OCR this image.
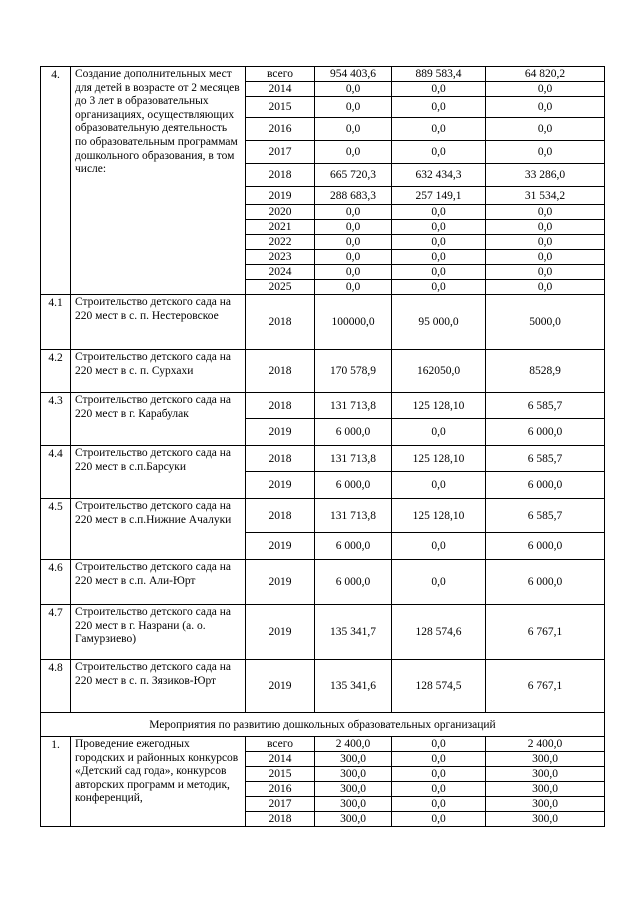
4.	Создание дополнительных мест для детей в возрасте от 2 месяцев до 3 лет в образовательных организациях, осуществляющих образовательную деятельность по образовательным программам дошкольного образования, в том числе:	всего	954 403,6	889 583,4	64 820,2
		2014	0,0	0,0	0,0
		2015	0,0	0,0	0,0
		2016	0,0	0,0	0,0
		2017	0,0	0,0	0,0
		2018	665 720,3	632 434,3	33 286,0
		2019	288 683,3	257 149,1	31 534,2
		2020	0,0	0,0	0,0
		2021	0,0	0,0	0,0
		2022	0,0	0,0	0,0
		2023	0,0	0,0	0,0
		2024	0,0	0,0	0,0
		2025	0,0	0,0	0,0
4.1	Строительство детского сада на 220 мест в с. п. Нестеровское	2018	100000,0	95 000,0	5000,0
4.2	Строительство детского сада на 220 мест в с. п. Сурхахи	2018	170 578,9	162050,0	8528,9
4.3	Строительство детского сада на 220 мест в г. Карабулак	2018	131 713,8	125 128,10	6 585,7
		2019	6 000,0	0,0	6 000,0
4.4	Строительство детского сада на 220 мест в с.п.Барсуки	2018	131 713,8	125 128,10	6 585,7
		2019	6 000,0	0,0	6 000,0
4.5	Строительство детского сада на 220 мест в с.п.Нижние Ачалуки	2018	131 713,8	125 128,10	6 585,7
		2019	6 000,0	0,0	6 000,0
4.6	Строительство детского сада на 220 мест в с.п. Али-Юрт	2019	6 000,0	0,0	6 000,0
4.7	Строительство детского сада на 220 мест в г. Назрани (а. о. Гамурзиево)	2019	135 341,7	128 574,6	6 767,1
4.8	Строительство детского сада на 220 мест в с. п. Зязиков-Юрт	2019	135 341,6	128 574,5	6 767,1
Мероприятия по развитию дошкольных образовательных организаций					
1.	Проведение ежегодных городских и районных конкурсов «Детский сад года», конкурсов авторских программ и методик, конференций,	всего	2 400,0	0,0	2 400,0
		2014	300,0	0,0	300,0
		2015	300,0	0,0	300,0
		2016	300,0	0,0	300,0
		2017	300,0	0,0	300,0
		2018	300,0	0,0	300,0
